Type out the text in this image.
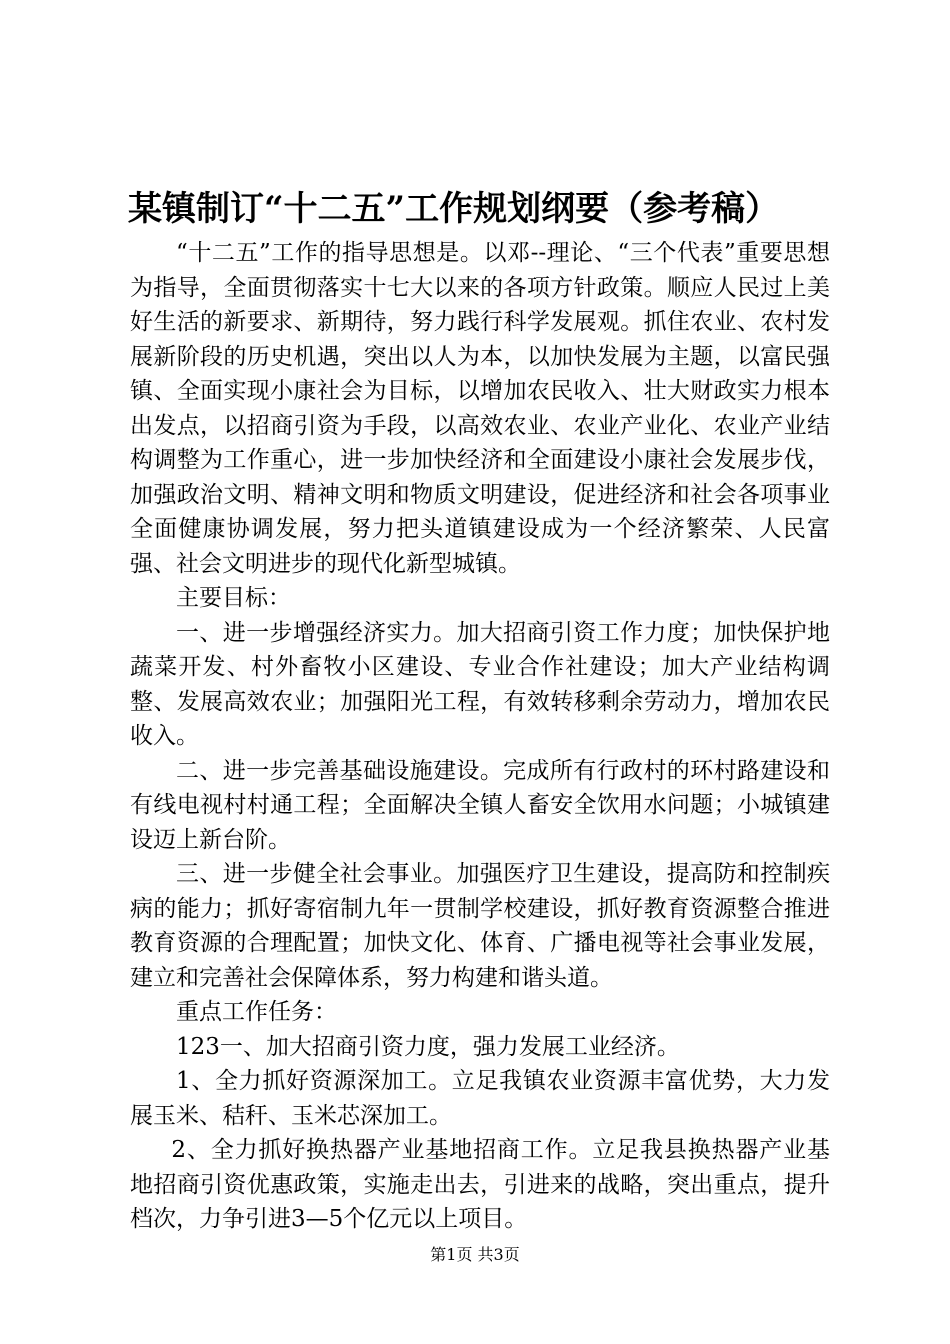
某镇制订“十二五”工作规划纲要（参考稿）

“十二五”工作的指导思想是。以邓--理论、“三个代表”重要思想为指导，全面贯彻落实十七大以来的各项方针政策。顺应人民过上美好生活的新要求、新期待，努力践行科学发展观。抓住农业、农村发展新阶段的历史机遇，突出以人为本，以加快发展为主题，以富民强镇、全面实现小康社会为目标，以增加农民收入、壮大财政实力根本出发点，以招商引资为手段，以高效农业、农业产业化、农业产业结构调整为工作重心，进一步加快经济和全面建设小康社会发展步伐，加强政治文明、精神文明和物质文明建设，促进经济和社会各项事业全面健康协调发展，努力把头道镇建设成为一个经济繁荣、人民富强、社会文明进步的现代化新型城镇。

主要目标：

一、进一步增强经济实力。加大招商引资工作力度；加快保护地蔬菜开发、村外畜牧小区建设、专业合作社建设；加大产业结构调整、发展高效农业；加强阳光工程，有效转移剩余劳动力，增加农民收入。

二、进一步完善基础设施建设。完成所有行政村的环村路建设和有线电视村村通工程；全面解决全镇人畜安全饮用水问题；小城镇建设迈上新台阶。

三、进一步健全社会事业。加强医疗卫生建设，提高防和控制疾病的能力；抓好寄宿制九年一贯制学校建设，抓好教育资源整合推进教育资源的合理配置；加快文化、体育、广播电视等社会事业发展，建立和完善社会保障体系，努力构建和谐头道。

重点工作任务：

123一、加大招商引资力度，强力发展工业经济。

1、全力抓好资源深加工。立足我镇农业资源丰富优势，大力发展玉米、秸秆、玉米芯深加工。

2、全力抓好换热器产业基地招商工作。立足我县换热器产业基地招商引资优惠政策，实施走出去，引进来的战略，突出重点，提升档次，力争引进3—5个亿元以上项目。

第1页 共3页
